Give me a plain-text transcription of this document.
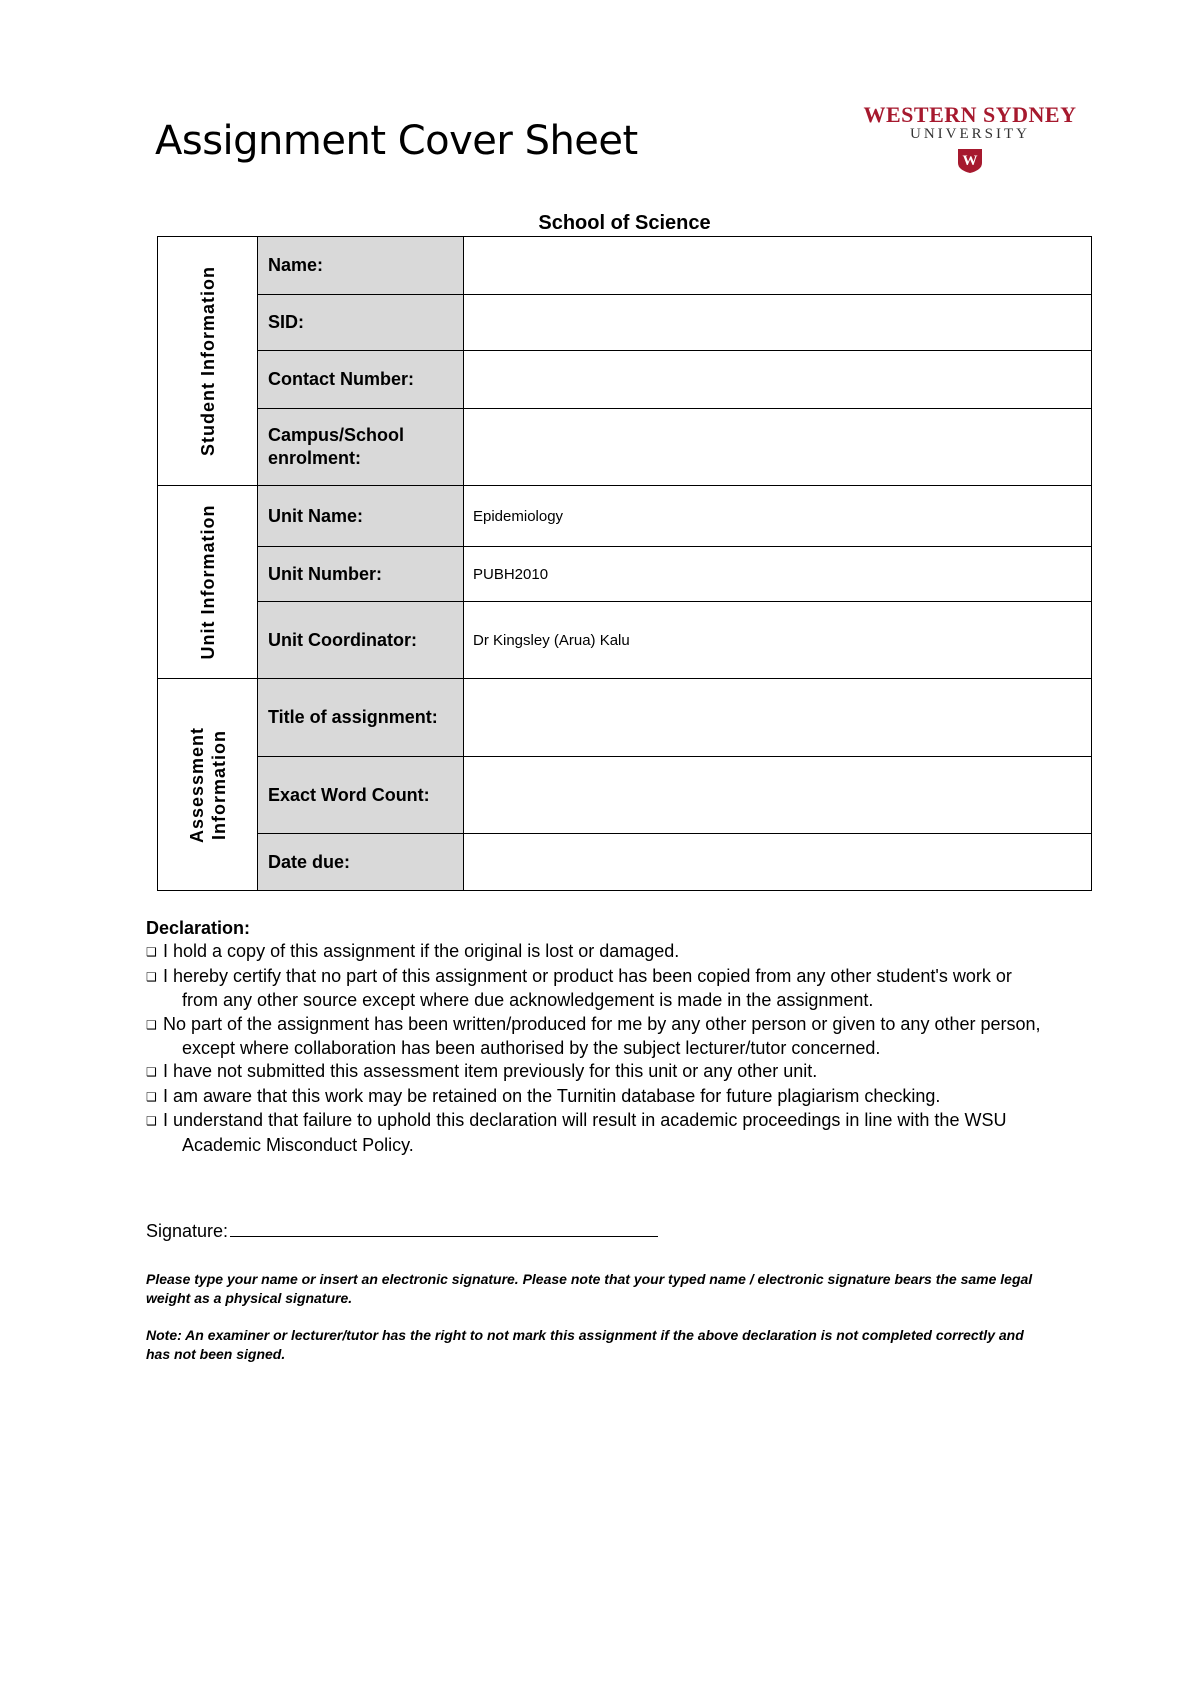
Assignment Cover Sheet
WESTERN SYDNEY
UNIVERSITY
W
School of Science
Student Information	Name:	
	SID:	
	Contact Number:	
	Campus/School enrolment:	

Unit Information	Unit Name:	Epidemiology
	Unit Number:	PUBH2010
	Unit Coordinator:	Dr Kingsley (Arua) Kalu

Assessment Information	Title of assignment:	
	Exact Word Count:	
	Date due:	
Declaration:
❑ I hold a copy of this assignment if the original is lost or damaged.
❑ I hereby certify that no part of this assignment or product has been copied from any other student's work or from any other source except where due acknowledgement is made in the assignment.
❑ No part of the assignment has been written/produced for me by any other person or given to any other person, except where collaboration has been authorised by the subject lecturer/tutor concerned.
❑ I have not submitted this assessment item previously for this unit or any other unit.
❑ I am aware that this work may be retained on the Turnitin database for future plagiarism checking.
❑ I understand that failure to uphold this declaration will result in academic proceedings in line with the WSU Academic Misconduct Policy.
Signature:
Please type your name or insert an electronic signature. Please note that your typed name / electronic signature bears the same legal weight as a physical signature.
Note: An examiner or lecturer/tutor has the right to not mark this assignment if the above declaration is not completed correctly and has not been signed.
